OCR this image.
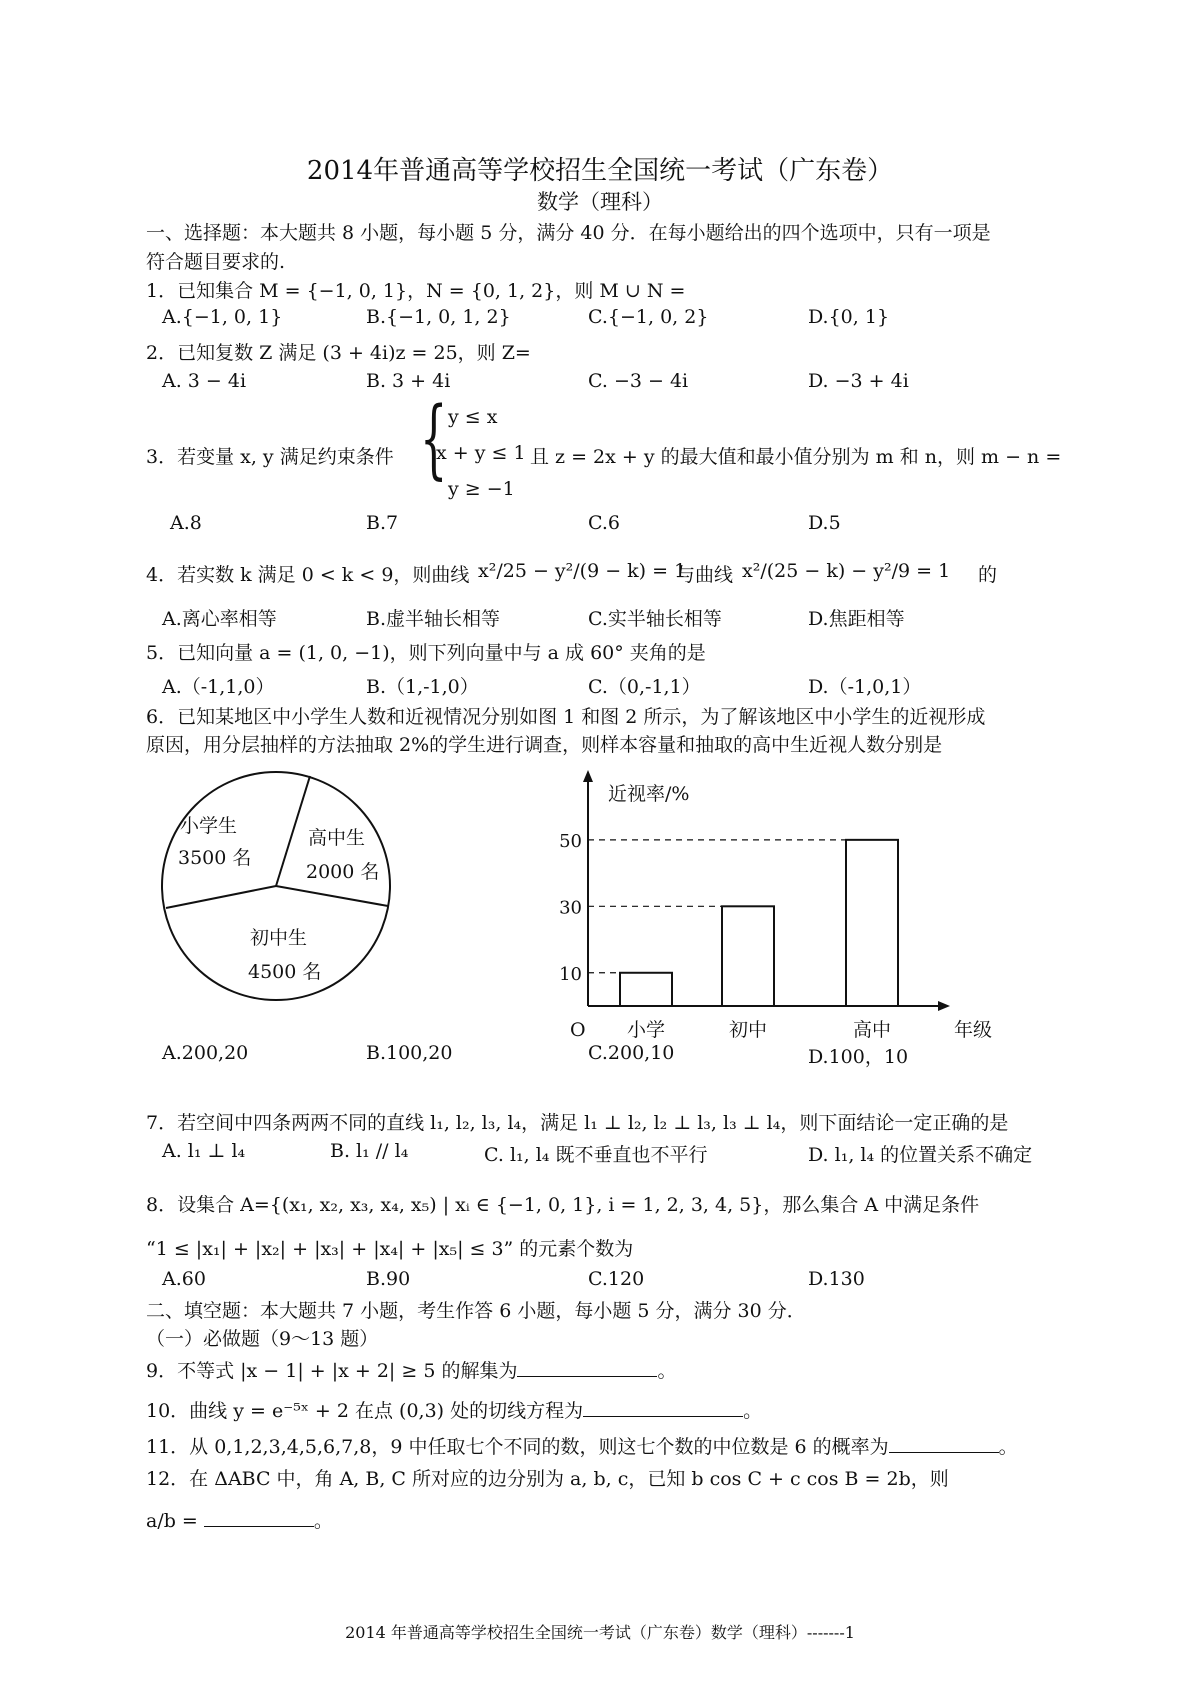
2014年普通高等学校招生全国统一考试（广东卷）
数学（理科）
一、选择题：本大题共 8 小题，每小题 5 分，满分 40 分．在每小题给出的四个选项中，只有一项是
符合题目要求的.
1．已知集合 M = {−1, 0, 1}，N = {0, 1, 2}，则 M ∪ N =
A.{−1, 0, 1}	B.{−1, 0, 1, 2}	C.{−1, 0, 2}	D.{0, 1}
2．已知复数 Z 满足 (3 + 4i)z = 25，则 Z=
A. 3 − 4i	B. 3 + 4i	C. −3 − 4i	D. −3 + 4i
3．若变量 x, y 满足约束条件 { y ≤ x
x + y ≤ 1
y ≥ −1
且 z = 2x + y 的最大值和最小值分别为 m 和 n，则 m − n =
A.8	B.7	C.6	D.5
4．若实数 k 满足 0 < k < 9，则曲线 x²/25 − y²/(9 − k) = 1
与曲线 x²/(25 − k) − y²/9 = 1 的
A.离心率相等	B.虚半轴长相等	C.实半轴长相等	D.焦距相等
5．已知向量 a = (1, 0, −1)，则下列向量中与 a 成 60° 夹角的是
A.（-1,1,0）	B.（1,-1,0）	C.（0,-1,1）	D.（-1,0,1）
6．已知某地区中小学生人数和近视情况分别如图 1 和图 2 所示，为了解该地区中小学生的近视形成
原因，用分层抽样的方法抽取 2%的学生进行调查，则样本容量和抽取的高中生近视人数分别是
小学生
3500 名
高中生
2000 名
初中生
4500 名	10
小学
30
初中
50
高中
近视率/%
年级
O
A.200,20	B.100,20	C.200,10	D.100，10
7．若空间中四条两两不同的直线 l₁, l₂, l₃, l₄，满足 l₁ ⊥ l₂, l₂ ⊥ l₃, l₃ ⊥ l₄，则下面结论一定正确的是
A. l₁ ⊥ l₄	B. l₁ // l₄	C. l₁, l₄ 既不垂直也不平行	D. l₁, l₄ 的位置关系不确定
8．设集合 A={(x₁, x₂, x₃, x₄, x₅) | xᵢ ∈ {−1, 0, 1}, i = 1, 2, 3, 4, 5}，那么集合 A 中满足条件
“1 ≤ |x₁| + |x₂| + |x₃| + |x₄| + |x₅| ≤ 3” 的元素个数为
A.60	B.90	C.120	D.130
二、填空题：本大题共 7 小题，考生作答 6 小题，每小题 5 分，满分 30 分．
（一）必做题（9～13 题）
9．不等式 |x − 1| + |x + 2| ≥ 5 的解集为	。
10．曲线 y = e⁻⁵ˣ + 2 在点 (0,3) 处的切线方程为	。
11．从 0,1,2,3,4,5,6,7,8，9 中任取七个不同的数，则这七个数的中位数是 6 的概率为	。
12．在 ΔABC 中，角 A, B, C 所对应的边分别为 a, b, c，已知 b cos C + c cos B = 2b，则
a/b =	。
2014 年普通高等学校招生全国统一考试（广东卷）数学（理科）-------1
